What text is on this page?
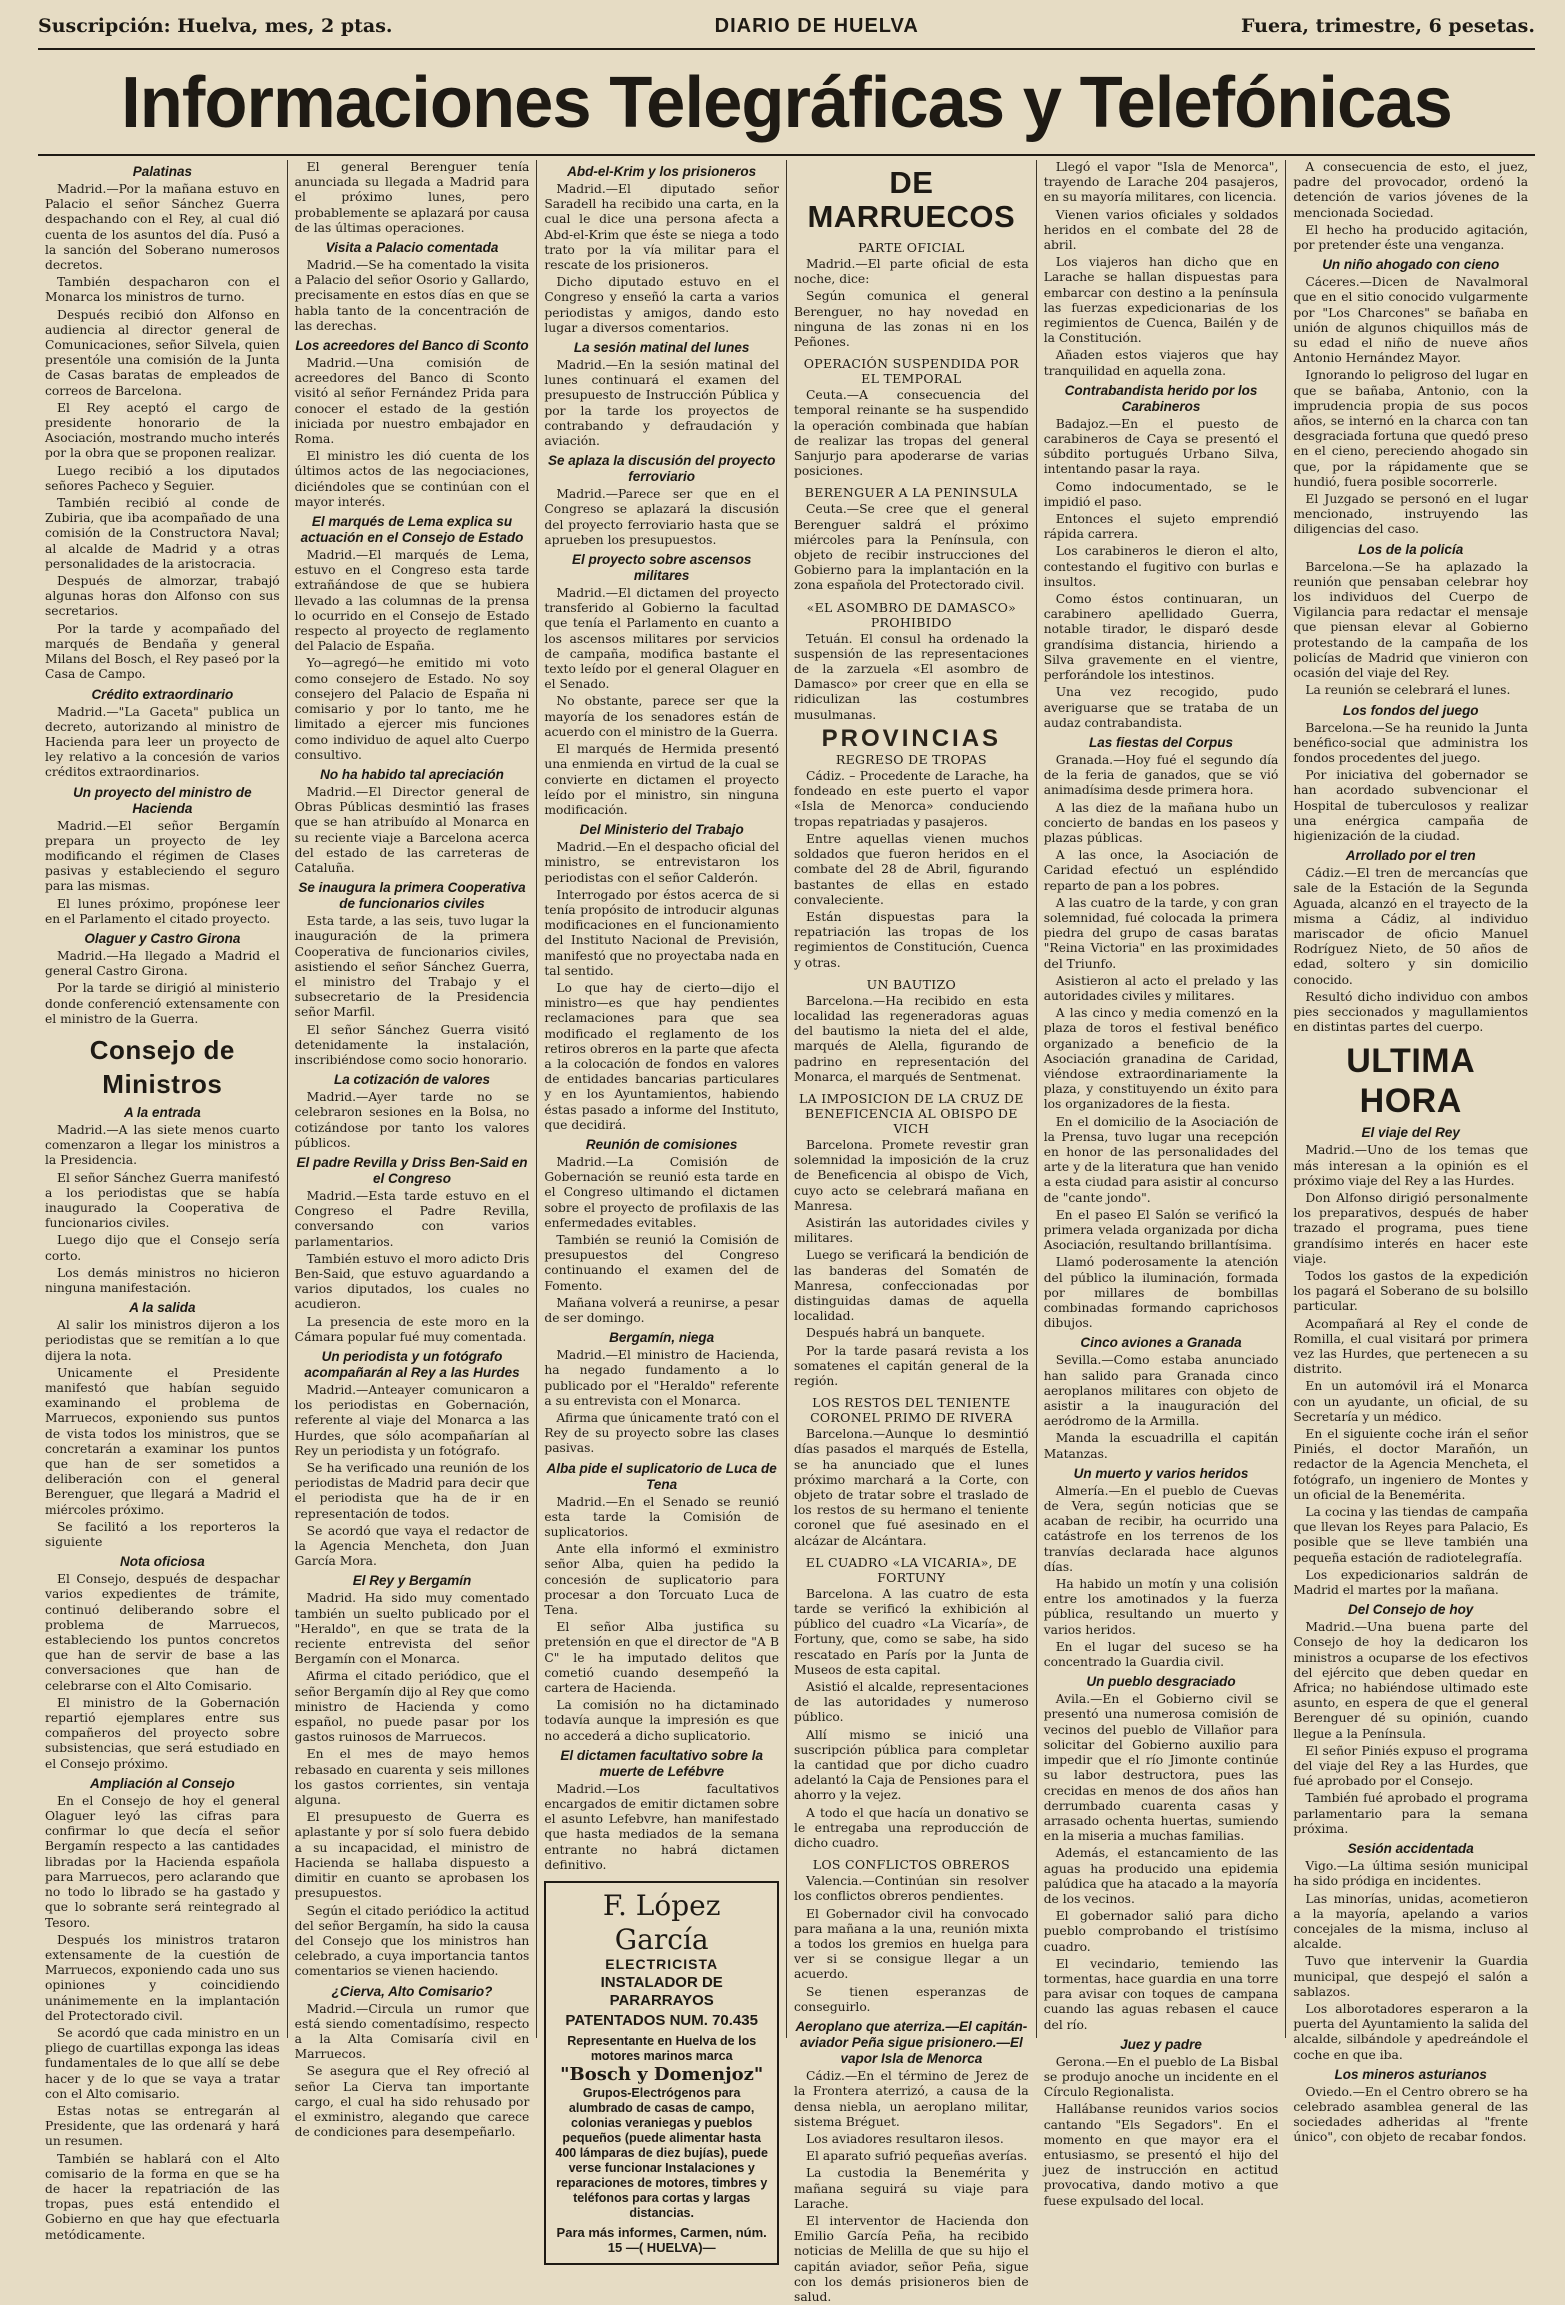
Suscripción: Huelva, mes, 2 ptas.	DIARIO DE HUELVA	Fuera, trimestre, 6 pesetas.
Informaciones Telegráficas y Telefónicas
Palatinas

Madrid.—Por la mañana estuvo en Palacio el señor Sánchez Guerra despachando con el Rey, al cual dió cuenta de los asuntos del día. Pusó a la sanción del Soberano numerosos decretos.

También despacharon con el Monarca los ministros de turno.

Después recibió don Alfonso en audiencia al director general de Comunicaciones, señor Silvela, quien presentóle una comisión de la Junta de Casas baratas de empleados de correos de Barcelona.

El Rey aceptó el cargo de presidente honorario de la Asociación, mostrando mucho interés por la obra que se proponen realizar.

Luego recibió a los diputados señores Pacheco y Seguier.

También recibió al conde de Zubiria, que iba acompañado de una comisión de la Constructora Naval; al alcalde de Madrid y a otras personalidades de la aristocracia.

Después de almorzar, trabajó algunas horas don Alfonso con sus secretarios.

Por la tarde y acompañado del marqués de Bendaña y general Milans del Bosch, el Rey paseó por la Casa de Campo.

Crédito extraordinario

Madrid.—"La Gaceta" publica un decreto, autorizando al ministro de Hacienda para leer un proyecto de ley relativo a la concesión de varios créditos extraordinarios.

Un proyecto del ministro de Hacienda

Madrid.—El señor Bergamín prepara un proyecto de ley modificando el régimen de Clases pasivas y estableciendo el seguro para las mismas.

El lunes próximo, propónese leer en el Parlamento el citado proyecto.

Olaguer y Castro Girona

Madrid.—Ha llegado a Madrid el general Castro Girona.

Por la tarde se dirigió al ministerio donde conferenció extensamente con el ministro de la Guerra.

Consejo de Ministros
A la entrada

Madrid.—A las siete menos cuarto comenzaron a llegar los ministros a la Presidencia.

El señor Sánchez Guerra manifestó a los periodistas que se había inaugurado la Cooperativa de funcionarios civiles.

Luego dijo que el Consejo sería corto.

Los demás ministros no hicieron ninguna manifestación.

A la salida

Al salir los ministros dijeron a los periodistas que se remitían a lo que dijera la nota.

Unicamente el Presidente manifestó que habían seguido examinando el problema de Marruecos, exponiendo sus puntos de vista todos los ministros, que se concretarán a examinar los puntos que han de ser sometidos a deliberación con el general Berenguer, que llegará a Madrid el miércoles próximo.

Se facilitó a los reporteros la siguiente

Nota oficiosa

El Consejo, después de despachar varios expedientes de trámite, continuó deliberando sobre el problema de Marruecos, estableciendo los puntos concretos que han de servir de base a las conversaciones que han de celebrarse con el Alto Comisario.

El ministro de la Gobernación repartió ejemplares entre sus compañeros del proyecto sobre subsistencias, que será estudiado en el Consejo próximo.

Ampliación al Consejo

En el Consejo de hoy el general Olaguer leyó las cifras para confirmar lo que decía el señor Bergamín respecto a las cantidades libradas por la Hacienda española para Marruecos, pero aclarando que no todo lo librado se ha gastado y que lo sobrante será reintegrado al Tesoro.

Después los ministros trataron extensamente de la cuestión de Marruecos, exponiendo cada uno sus opiniones y coincidiendo unánimemente en la implantación del Protectorado civil.

Se acordó que cada ministro en un pliego de cuartillas exponga las ideas fundamentales de lo que allí se debe hacer y de lo que se vaya a tratar con el Alto comisario.

Estas notas se entregarán al Presidente, que las ordenará y hará un resumen.

También se hablará con el Alto comisario de la forma en que se ha de hacer la repatriación de las tropas, pues está entendido el Gobierno en que hay que efectuarla metódicamente.

El general Berenguer tenía anunciada su llegada a Madrid para el próximo lunes, pero probablemente se aplazará por causa de las últimas operaciones.

Visita a Palacio comentada

Madrid.—Se ha comentado la visita a Palacio del señor Osorio y Gallardo, precisamente en estos días en que se habla tanto de la concentración de las derechas.

Los acreedores del Banco di Sconto

Madrid.—Una comisión de acreedores del Banco di Sconto visitó al señor Fernández Prida para conocer el estado de la gestión iniciada por nuestro embajador en Roma.

El ministro les dió cuenta de los últimos actos de las negociaciones, diciéndoles que se continúan con el mayor interés.

El marqués de Lema explica su actuación en el Consejo de Estado

Madrid.—El marqués de Lema, estuvo en el Congreso esta tarde extrañándose de que se hubiera llevado a las columnas de la prensa lo ocurrido en el Consejo de Estado respecto al proyecto de reglamento del Palacio de España.

Yo—agregó—he emitido mi voto como consejero de Estado. No soy consejero del Palacio de España ni comisario y por lo tanto, me he limitado a ejercer mis funciones como individuo de aquel alto Cuerpo consultivo.

No ha habido tal apreciación

Madrid.—El Director general de Obras Públicas desmintió las frases que se han atribuído al Monarca en su reciente viaje a Barcelona acerca del estado de las carreteras de Cataluña.

Se inaugura la primera Cooperativa de funcionarios civiles

Esta tarde, a las seis, tuvo lugar la inauguración de la primera Cooperativa de funcionarios civiles, asistiendo el señor Sánchez Guerra, el ministro del Trabajo y el subsecretario de la Presidencia señor Marfil.

El señor Sánchez Guerra visitó detenidamente la instalación, inscribiéndose como socio honorario.

La cotización de valores

Madrid.—Ayer tarde no se celebraron sesiones en la Bolsa, no cotizándose por tanto los valores públicos.

El padre Revilla y Driss Ben-Said en el Congreso

Madrid.—Esta tarde estuvo en el Congreso el Padre Revilla, conversando con varios parlamentarios.

También estuvo el moro adicto Dris Ben-Said, que estuvo aguardando a varios diputados, los cuales no acudieron.

La presencia de este moro en la Cámara popular fué muy comentada.

Un periodista y un fotógrafo acompañarán al Rey a las Hurdes

Madrid.—Anteayer comunicaron a los periodistas en Gobernación, referente al viaje del Monarca a las Hurdes, que sólo acompañarían al Rey un periodista y un fotógrafo.

Se ha verificado una reunión de los periodistas de Madrid para decir que el periodista que ha de ir en representación de todos.

Se acordó que vaya el redactor de la Agencia Mencheta, don Juan García Mora.

El Rey y Bergamín

Madrid. Ha sido muy comentado también un suelto publicado por el "Heraldo", en que se trata de la reciente entrevista del señor Bergamín con el Monarca.

Afirma el citado periódico, que el señor Bergamín dijo al Rey que como ministro de Hacienda y como español, no puede pasar por los gastos ruinosos de Marruecos.

En el mes de mayo hemos rebasado en cuarenta y seis millones los gastos corrientes, sin ventaja alguna.

El presupuesto de Guerra es aplastante y por sí solo fuera debido a su incapacidad, el ministro de Hacienda se hallaba dispuesto a dimitir en cuanto se aprobasen los presupuestos.

Según el citado periódico la actitud del señor Bergamín, ha sido la causa del Consejo que los ministros han celebrado, a cuya importancia tantos comentarios se vienen haciendo.

¿Cierva, Alto Comisario?

Madrid.—Circula un rumor que está siendo comentadísimo, respecto a la Alta Comisaría civil en Marruecos.

Se asegura que el Rey ofreció al señor La Cierva tan importante cargo, el cual ha sido rehusado por el exministro, alegando que carece de condiciones para desempeñarlo.

Abd-el-Krim y los prisioneros

Madrid.—El diputado señor Saradell ha recibido una carta, en la cual le dice una persona afecta a Abd-el-Krim que éste se niega a todo trato por la vía militar para el rescate de los prisioneros.

Dicho diputado estuvo en el Congreso y enseñó la carta a varios periodistas y amigos, dando esto lugar a diversos comentarios.

La sesión matinal del lunes

Madrid.—En la sesión matinal del lunes continuará el examen del presupuesto de Instrucción Pública y por la tarde los proyectos de contrabando y defraudación y aviación.

Se aplaza la discusión del proyecto ferroviario

Madrid.—Parece ser que en el Congreso se aplazará la discusión del proyecto ferroviario hasta que se aprueben los presupuestos.

El proyecto sobre ascensos militares

Madrid.—El dictamen del proyecto transferido al Gobierno la facultad que tenía el Parlamento en cuanto a los ascensos militares por servicios de campaña, modifica bastante el texto leído por el general Olaguer en el Senado.

No obstante, parece ser que la mayoría de los senadores están de acuerdo con el ministro de la Guerra.

El marqués de Hermida presentó una enmienda en virtud de la cual se convierte en dictamen el proyecto leído por el ministro, sin ninguna modificación.

Del Ministerio del Trabajo

Madrid.—En el despacho oficial del ministro, se entrevistaron los periodistas con el señor Calderón.

Interrogado por éstos acerca de si tenía propósito de introducir algunas modificaciones en el funcionamiento del Instituto Nacional de Previsión, manifestó que no proyectaba nada en tal sentido.

Lo que hay de cierto—dijo el ministro—es que hay pendientes reclamaciones para que sea modificado el reglamento de los retiros obreros en la parte que afecta a la colocación de fondos en valores de entidades bancarias particulares y en los Ayuntamientos, habiendo éstas pasado a informe del Instituto, que decidirá.

Reunión de comisiones

Madrid.—La Comisión de Gobernación se reunió esta tarde en el Congreso ultimando el dictamen sobre el proyecto de profilaxis de las enfermedades evitables.

También se reunió la Comisión de presupuestos del Congreso continuando el examen del de Fomento.

Mañana volverá a reunirse, a pesar de ser domingo.

Bergamín, niega

Madrid.—El ministro de Hacienda, ha negado fundamento a lo publicado por el "Heraldo" referente a su entrevista con el Monarca.

Afirma que únicamente trató con el Rey de su proyecto sobre las clases pasivas.

Alba pide el suplicatorio de Luca de Tena

Madrid.—En el Senado se reunió esta tarde la Comisión de suplicatorios.

Ante ella informó el exministro señor Alba, quien ha pedido la concesión de suplicatorio para procesar a don Torcuato Luca de Tena.

El señor Alba justifica su pretensión en que el director de "A B C" le ha imputado delitos que cometió cuando desempeñó la cartera de Hacienda.

La comisión no ha dictaminado todavía aunque la impresión es que no accederá a dicho suplicatorio.

El dictamen facultativo sobre la muerte de Lefébvre

Madrid.—Los facultativos encargados de emitir dictamen sobre el asunto Lefebvre, han manifestado que hasta mediados de la semana entrante no habrá dictamen definitivo.

F. López García
ELECTRICISTA
INSTALADOR DE PARARRAYOS
PATENTADOS NUM. 70.435
Representante en Huelva de los motores marinos marca
"Bosch y Domenjoz"
Grupos-Electrógenos para alumbrado de casas de campo, colonias veraniegas y pueblos pequeños (puede alimentar hasta 400 lámparas de diez bujías), puede verse funcionar Instalaciones y reparaciones de motores, timbres y teléfonos para cortas y largas distancias.
Para más informes, Carmen, núm. 15 —( HUELVA)—
DE MARRUECOS
PARTE OFICIAL

Madrid.—El parte oficial de esta noche, dice:

Según comunica el general Berenguer, no hay novedad en ninguna de las zonas ni en los Peñones.

OPERACIÓN SUSPENDIDA POR EL TEMPORAL

Ceuta.—A consecuencia del temporal reinante se ha suspendido la operación combinada que habían de realizar las tropas del general Sanjurjo para apoderarse de varias posiciones.

BERENGUER A LA PENINSULA

Ceuta.—Se cree que el general Berenguer saldrá el próximo miércoles para la Península, con objeto de recibir instrucciones del Gobierno para la implantación en la zona española del Protectorado civil.

«EL ASOMBRO DE DAMASCO» PROHIBIDO

Tetuán. El consul ha ordenado la suspensión de las representaciones de la zarzuela «El asombro de Damasco» por creer que en ella se ridiculizan las costumbres musulmanas.

PROVINCIAS
REGRESO DE TROPAS

Cádiz. – Procedente de Larache, ha fondeado en este puerto el vapor «Isla de Menorca» conduciendo tropas repatriadas y pasajeros.

Entre aquellas vienen muchos soldados que fueron heridos en el combate del 28 de Abril, figurando bastantes de ellas en estado convaleciente.

Están dispuestas para la repatriación las tropas de los regimientos de Constitución, Cuenca y otras.

UN BAUTIZO

Barcelona.—Ha recibido en esta localidad las regeneradoras aguas del bautismo la nieta del el alde, marqués de Alella, figurando de padrino en representación del Monarca, el marqués de Sentmenat.

LA IMPOSICION DE LA CRUZ DE BENEFICENCIA AL OBISPO DE VICH

Barcelona. Promete revestir gran solemnidad la imposición de la cruz de Beneficencia al obispo de Vich, cuyo acto se celebrará mañana en Manresa.

Asistirán las autoridades civiles y militares.

Luego se verificará la bendición de las banderas del Somatén de Manresa, confeccionadas por distinguidas damas de aquella localidad.

Después habrá un banquete.

Por la tarde pasará revista a los somatenes el capitán general de la región.

LOS RESTOS DEL TENIENTE CORONEL PRIMO DE RIVERA

Barcelona.—Aunque lo desmintió días pasados el marqués de Estella, se ha anunciado que el lunes próximo marchará a la Corte, con objeto de tratar sobre el traslado de los restos de su hermano el teniente coronel que fué asesinado en el alcázar de Alcántara.

EL CUADRO «LA VICARIA», DE FORTUNY

Barcelona. A las cuatro de esta tarde se verificó la exhibición al público del cuadro «La Vicaría», de Fortuny, que, como se sabe, ha sido rescatado en París por la Junta de Museos de esta capital.

Asistió el alcalde, representaciones de las autoridades y numeroso público.

Allí mismo se inició una suscripción pública para completar la cantidad que por dicho cuadro adelantó la Caja de Pensiones para el ahorro y la vejez.

A todo el que hacía un donativo se le entregaba una reproducción de dicho cuadro.

LOS CONFLICTOS OBREROS

Valencia.—Continúan sin resolver los conflictos obreros pendientes.

El Gobernador civil ha convocado para mañana a la una, reunión mixta a todos los gremios en huelga para ver si se consigue llegar a un acuerdo.

Se tienen esperanzas de conseguirlo.

Aeroplano que aterriza.—El capitán-aviador Peña sigue prisionero.—El vapor Isla de Menorca

Cádiz.—En el término de Jerez de la Frontera aterrizó, a causa de la densa niebla, un aeroplano militar, sistema Bréguet.

Los aviadores resultaron ilesos.

El aparato sufrió pequeñas averías.

La custodia la Benemérita y mañana seguirá su viaje para Larache.

El interventor de Hacienda don Emilio García Peña, ha recibido noticias de Melilla de que su hijo el capitán aviador, señor Peña, sigue con los demás prisioneros bien de salud.

Llegó el vapor "Isla de Menorca", trayendo de Larache 204 pasajeros, en su mayoría militares, con licencia.

Vienen varios oficiales y soldados heridos en el combate del 28 de abril.

Los viajeros han dicho que en Larache se hallan dispuestas para embarcar con destino a la península las fuerzas expedicionarias de los regimientos de Cuenca, Bailén y de la Constitución.

Añaden estos viajeros que hay tranquilidad en aquella zona.

Contrabandista herido por los Carabineros

Badajoz.—En el puesto de carabineros de Caya se presentó el súbdito portugués Urbano Silva, intentando pasar la raya.

Como indocumentado, se le impidió el paso.

Entonces el sujeto emprendió rápida carrera.

Los carabineros le dieron el alto, contestando el fugitivo con burlas e insultos.

Como éstos continuaran, un carabinero apellidado Guerra, notable tirador, le disparó desde grandísima distancia, hiriendo a Silva gravemente en el vientre, perforándole los intestinos.

Una vez recogido, pudo averiguarse que se trataba de un audaz contrabandista.

Las fiestas del Corpus

Granada.—Hoy fué el segundo día de la feria de ganados, que se vió animadísima desde primera hora.

A las diez de la mañana hubo un concierto de bandas en los paseos y plazas públicas.

A las once, la Asociación de Caridad efectuó un espléndido reparto de pan a los pobres.

A las cuatro de la tarde, y con gran solemnidad, fué colocada la primera piedra del grupo de casas baratas "Reina Victoria" en las proximidades del Triunfo.

Asistieron al acto el prelado y las autoridades civiles y militares.

A las cinco y media comenzó en la plaza de toros el festival benéfico organizado a beneficio de la Asociación granadina de Caridad, viéndose extraordinariamente la plaza, y constituyendo un éxito para los organizadores de la fiesta.

En el domicilio de la Asociación de la Prensa, tuvo lugar una recepción en honor de las personalidades del arte y de la literatura que han venido a esta ciudad para asistir al concurso de "cante jondo".

En el paseo El Salón se verificó la primera velada organizada por dicha Asociación, resultando brillantísima.

Llamó poderosamente la atención del público la iluminación, formada por millares de bombillas combinadas formando caprichosos dibujos.

Cinco aviones a Granada

Sevilla.—Como estaba anunciado han salido para Granada cinco aeroplanos militares con objeto de asistir a la inauguración del aeródromo de la Armilla.

Manda la escuadrilla el capitán Matanzas.

Un muerto y varios heridos

Almería.—En el pueblo de Cuevas de Vera, según noticias que se acaban de recibir, ha ocurrido una catástrofe en los terrenos de los tranvías declarada hace algunos días.

Ha habido un motín y una colisión entre los amotinados y la fuerza pública, resultando un muerto y varios heridos.

En el lugar del suceso se ha concentrado la Guardia civil.

Un pueblo desgraciado

Avila.—En el Gobierno civil se presentó una numerosa comisión de vecinos del pueblo de Villañor para solicitar del Gobierno auxilio para impedir que el río Jimonte continúe su labor destructora, pues las crecidas en menos de dos años han derrumbado cuarenta casas y arrasado ochenta huertas, sumiendo en la miseria a muchas familias.

Además, el estancamiento de las aguas ha producido una epidemia palúdica que ha atacado a la mayoría de los vecinos.

El gobernador salió para dicho pueblo comprobando el tristísimo cuadro.

El vecindario, temiendo las tormentas, hace guardia en una torre para avisar con toques de campana cuando las aguas rebasen el cauce del río.

Juez y padre

Gerona.—En el pueblo de La Bisbal se produjo anoche un incidente en el Círculo Regionalista.

Hallábanse reunidos varios socios cantando "Els Segadors". En el momento en que mayor era el entusiasmo, se presentó el hijo del juez de instrucción en actitud provocativa, dando motivo a que fuese expulsado del local.

A consecuencia de esto, el juez, padre del provocador, ordenó la detención de varios jóvenes de la mencionada Sociedad.

El hecho ha producido agitación, por pretender éste una venganza.

Un niño ahogado con cieno

Cáceres.—Dicen de Navalmoral que en el sitio conocido vulgarmente por "Los Charcones" se bañaba en unión de algunos chiquillos más de su edad el niño de nueve años Antonio Hernández Mayor.

Ignorando lo peligroso del lugar en que se bañaba, Antonio, con la imprudencia propia de sus pocos años, se internó en la charca con tan desgraciada fortuna que quedó preso en el cieno, pereciendo ahogado sin que, por la rápidamente que se hundió, fuera posible socorrerle.

El Juzgado se personó en el lugar mencionado, instruyendo las diligencias del caso.

Los de la policía

Barcelona.—Se ha aplazado la reunión que pensaban celebrar hoy los individuos del Cuerpo de Vigilancia para redactar el mensaje que piensan elevar al Gobierno protestando de la campaña de los policías de Madrid que vinieron con ocasión del viaje del Rey.

La reunión se celebrará el lunes.

Los fondos del juego

Barcelona.—Se ha reunido la Junta benéfico-social que administra los fondos procedentes del juego.

Por iniciativa del gobernador se han acordado subvencionar el Hospital de tuberculosos y realizar una enérgica campaña de higienización de la ciudad.

Arrollado por el tren

Cádiz.—El tren de mercancías que sale de la Estación de la Segunda Aguada, alcanzó en el trayecto de la misma a Cádiz, al individuo mariscador de oficio Manuel Rodríguez Nieto, de 50 años de edad, soltero y sin domicilio conocido.

Resultó dicho individuo con ambos pies seccionados y magullamientos en distintas partes del cuerpo.

ULTIMA HORA
El viaje del Rey

Madrid.—Uno de los temas que más interesan a la opinión es el próximo viaje del Rey a las Hurdes.

Don Alfonso dirigió personalmente los preparativos, después de haber trazado el programa, pues tiene grandísimo interés en hacer este viaje.

Todos los gastos de la expedición los pagará el Soberano de su bolsillo particular.

Acompañará al Rey el conde de Romilla, el cual visitará por primera vez las Hurdes, que pertenecen a su distrito.

En un automóvil irá el Monarca con un ayudante, un oficial, de su Secretaría y un médico.

En el siguiente coche irán el señor Piniés, el doctor Marañón, un redactor de la Agencia Mencheta, el fotógrafo, un ingeniero de Montes y un oficial de la Benemérita.

La cocina y las tiendas de campaña que llevan los Reyes para Palacio, Es posible que se lleve también una pequeña estación de radiotelegrafía.

Los expedicionarios saldrán de Madrid el martes por la mañana.

Del Consejo de hoy

Madrid.—Una buena parte del Consejo de hoy la dedicaron los ministros a ocuparse de los efectivos del ejército que deben quedar en Africa; no habiéndose ultimado este asunto, en espera de que el general Berenguer dé su opinión, cuando llegue a la Península.

El señor Piniés expuso el programa del viaje del Rey a las Hurdes, que fué aprobado por el Consejo.

También fué aprobado el programa parlamentario para la semana próxima.

Sesión accidentada

Vigo.—La última sesión municipal ha sido pródiga en incidentes.

Las minorías, unidas, acometieron a la mayoría, apelando a varios concejales de la misma, incluso al alcalde.

Tuvo que intervenir la Guardia municipal, que despejó el salón a sablazos.

Los alborotadores esperaron a la puerta del Ayuntamiento la salida del alcalde, silbándole y apedreándole el coche en que iba.

Los mineros asturianos

Oviedo.—En el Centro obrero se ha celebrado asamblea general de las sociedades adheridas al "frente único", con objeto de recabar fondos.
